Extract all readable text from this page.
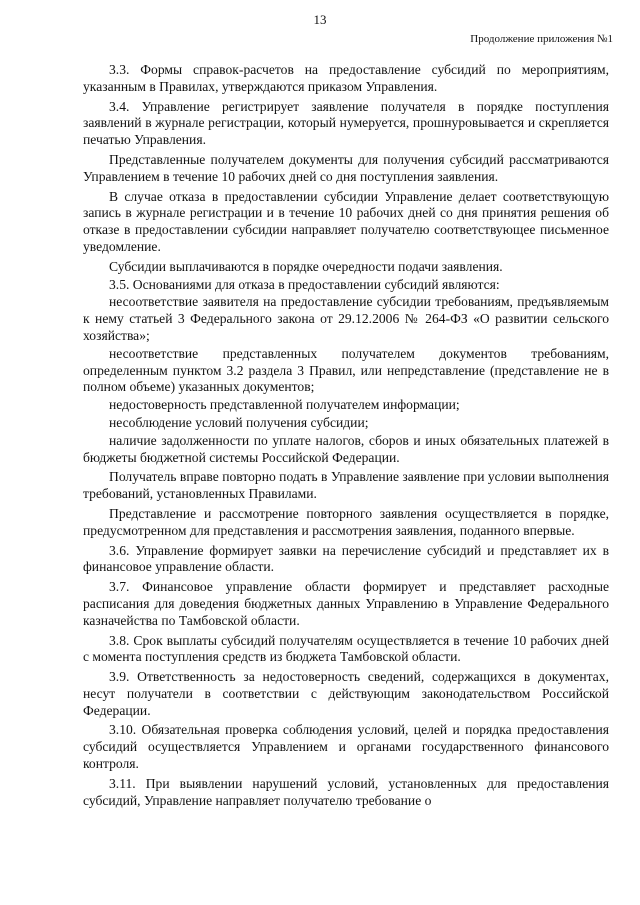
13
Продолжение приложения №1

3.3. Формы справок-расчетов на предоставление субсидий по мероприятиям, указанным в Правилах, утверждаются приказом Управления.

3.4. Управление регистрирует заявление получателя в порядке поступления заявлений в журнале регистрации, который нумеруется, прошнуровывается и скрепляется печатью Управления.

Представленные получателем документы для получения субсидий рассматриваются Управлением в течение 10 рабочих дней со дня поступления заявления.

В случае отказа в предоставлении субсидии Управление делает соответствующую запись в журнале регистрации и в течение 10 рабочих дней со дня принятия решения об отказе в предоставлении субсидии направляет получателю соответствующее письменное уведомление.

Субсидии выплачиваются в порядке очередности подачи заявления.

3.5. Основаниями для отказа в предоставлении субсидий являются:

несоответствие заявителя на предоставление субсидии требованиям, предъявляемым к нему статьей 3 Федерального закона от 29.12.2006 № 264-ФЗ «О развитии сельского хозяйства»;

несоответствие представленных получателем документов требованиям, определенным пунктом 3.2 раздела 3 Правил, или непредставление (представление не в полном объеме) указанных документов;

недостоверность представленной получателем информации;

несоблюдение условий получения субсидии;

наличие задолженности по уплате налогов, сборов и иных обязательных платежей в бюджеты бюджетной системы Российской Федерации.

Получатель вправе повторно подать в Управление заявление при условии выполнения требований, установленных Правилами.

Представление и рассмотрение повторного заявления осуществляется в порядке, предусмотренном для представления и рассмотрения заявления, поданного впервые.

3.6. Управление формирует заявки на перечисление субсидий и представляет их в финансовое управление области.

3.7. Финансовое управление области формирует и представляет расходные расписания для доведения бюджетных данных Управлению в Управление Федерального казначейства по Тамбовской области.

3.8. Срок выплаты субсидий получателям осуществляется в течение 10 рабочих дней с момента поступления средств из бюджета Тамбовской области.

3.9. Ответственность за недостоверность сведений, содержащихся в документах, несут получатели в соответствии с действующим законодательством Российской Федерации.

3.10. Обязательная проверка соблюдения условий, целей и порядка предоставления субсидий осуществляется Управлением и органами государственного финансового контроля.

3.11. При выявлении нарушений условий, установленных для предоставления субсидий, Управление направляет получателю требование о
